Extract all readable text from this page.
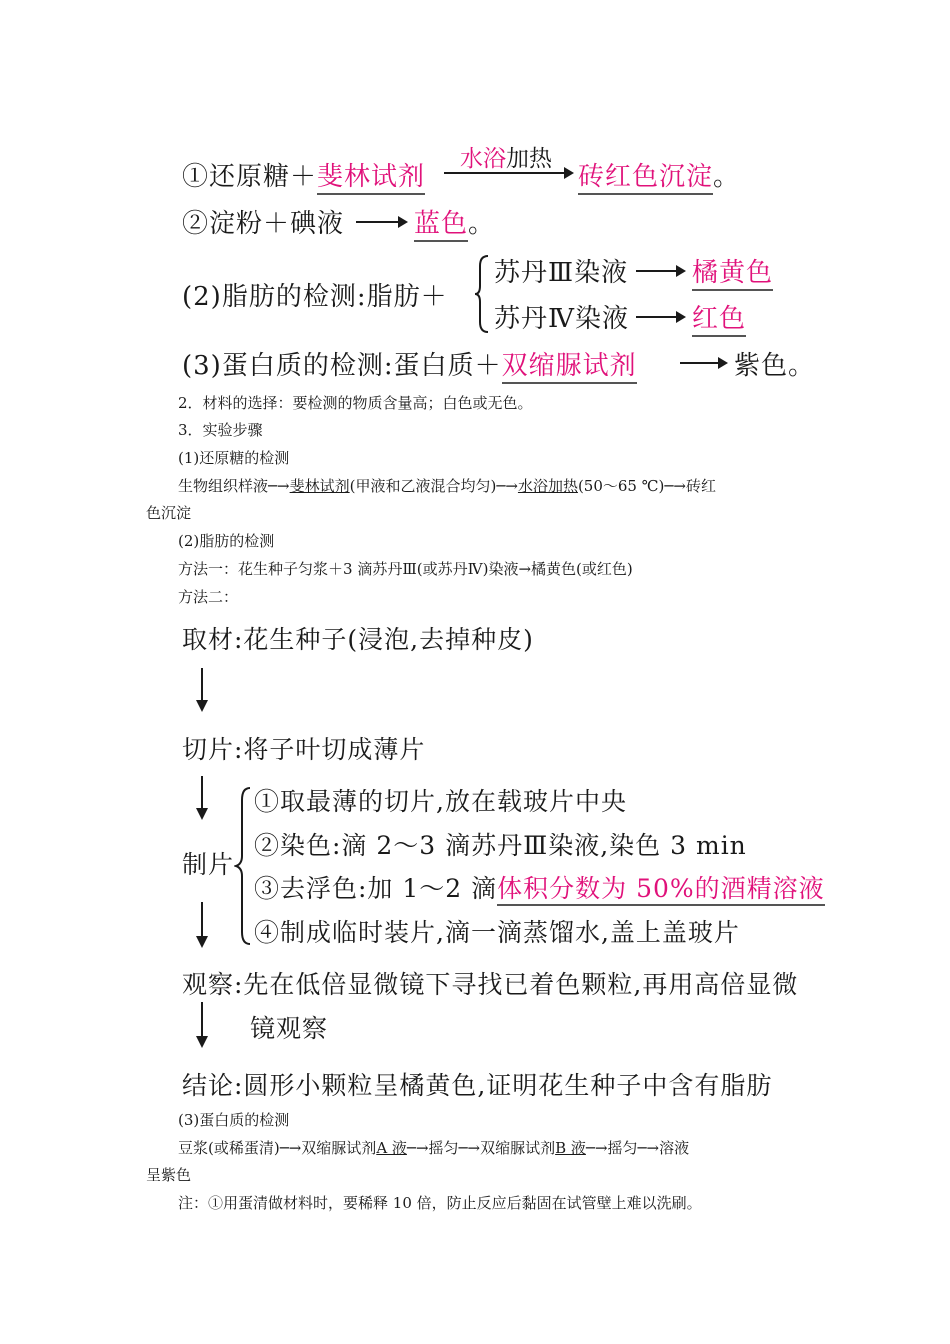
①还原糖＋斐林试剂
水浴加热
砖红色沉淀。
②淀粉＋碘液	蓝色。
(2)脂肪的检测:脂肪＋
苏丹Ⅲ染液 橘黄色
苏丹Ⅳ染液 红色
(3)蛋白质的检测:蛋白质＋双缩脲试剂	紫色。
2．材料的选择：要检测的物质含量高；白色或无色。
3．实验步骤
(1)还原糖的检测
生物组织样液─→斐林试剂(甲液和乙液混合均匀)─→水浴加热(50～65 ℃)─→砖红
色沉淀
(2)脂肪的检测
方法一：花生种子匀浆＋3 滴苏丹Ⅲ(或苏丹Ⅳ)染液→橘黄色(或红色)
方法二：
取材:花生种子(浸泡,去掉种皮)
切片:将子叶切成薄片
制片
①取最薄的切片,放在载玻片中央
②染色:滴 2～3 滴苏丹Ⅲ染液,染色 3 min
③去浮色:加 1～2 滴体积分数为 50%的酒精溶液
④制成临时装片,滴一滴蒸馏水,盖上盖玻片
观察:先在低倍显微镜下寻找已着色颗粒,再用高倍显微
镜观察
结论:圆形小颗粒呈橘黄色,证明花生种子中含有脂肪
(3)蛋白质的检测
豆浆(或稀蛋清)─→双缩脲试剂A 液─→摇匀─→双缩脲试剂B 液─→摇匀─→溶液
呈紫色
注：①用蛋清做材料时，要稀释 10 倍，防止反应后黏固在试管壁上难以洗刷。
